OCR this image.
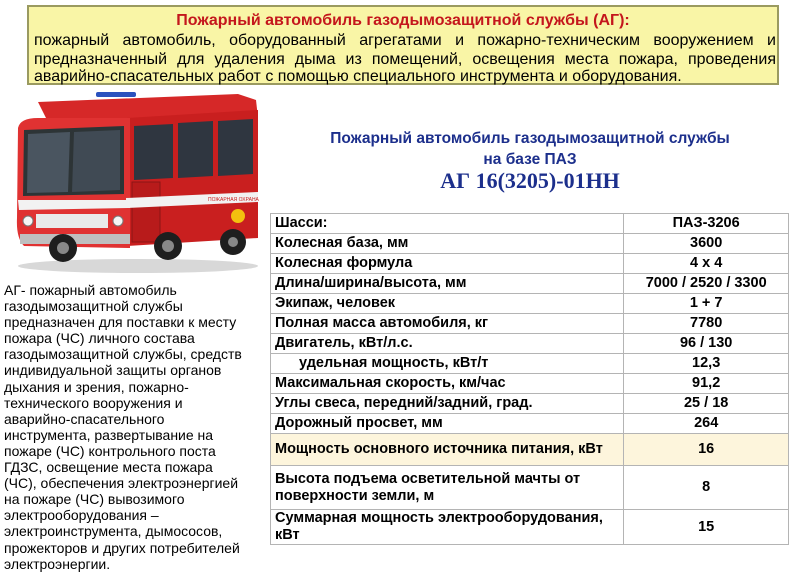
Пожарный автомобиль газодымозащитной службы (АГ):
пожарный автомобиль, оборудованный агрегатами и пожарно-техническим вооружением и
предназначенный для удаления дыма из помещений, освещения места пожара, проведения
аварийно-спасательных работ с помощью специального инструмента и оборудования.
ПОЖАРНАЯ ОХРАНА
Пожарный автомобиль газодымозащитной службы
на базе ПАЗ
АГ 16(3205)-01НН
Шасси:	ПАЗ-3206
Колесная база, мм	3600
Колесная формула	4 х 4
Длина/ширина/высота, мм	7000 / 2520 / 3300
Экипаж, человек	1 + 7
Полная масса автомобиля, кг	7780
Двигатель, кВт/л.с.	96 / 130
удельная мощность, кВт/т	12,3
Максимальная скорость, км/час	91,2
Углы свеса, передний/задний, град.	25 / 18
Дорожный просвет, мм	264
Мощность основного источника питания, кВт	16

Высота подъема осветительной мачты от
поверхности земли, м	8
Суммарная мощность электрооборудования, кВт	15
АГ- пожарный автомобиль
газодымозащитной службы
предназначен для поставки к месту
пожара (ЧС) личного состава
газодымозащитной службы, средств
индивидуальной защиты органов
дыхания и зрения, пожарно-
технического вооружения и
аварийно-спасательного
инструмента, развертывание на
пожаре (ЧС) контрольного поста
ГДЗС, освещение места пожара
(ЧС), обеспечения электроэнергией
на пожаре (ЧС) вывозимого
электрооборудования –
электроинструмента, дымососов,
прожекторов и других потребителей
электроэнергии.
